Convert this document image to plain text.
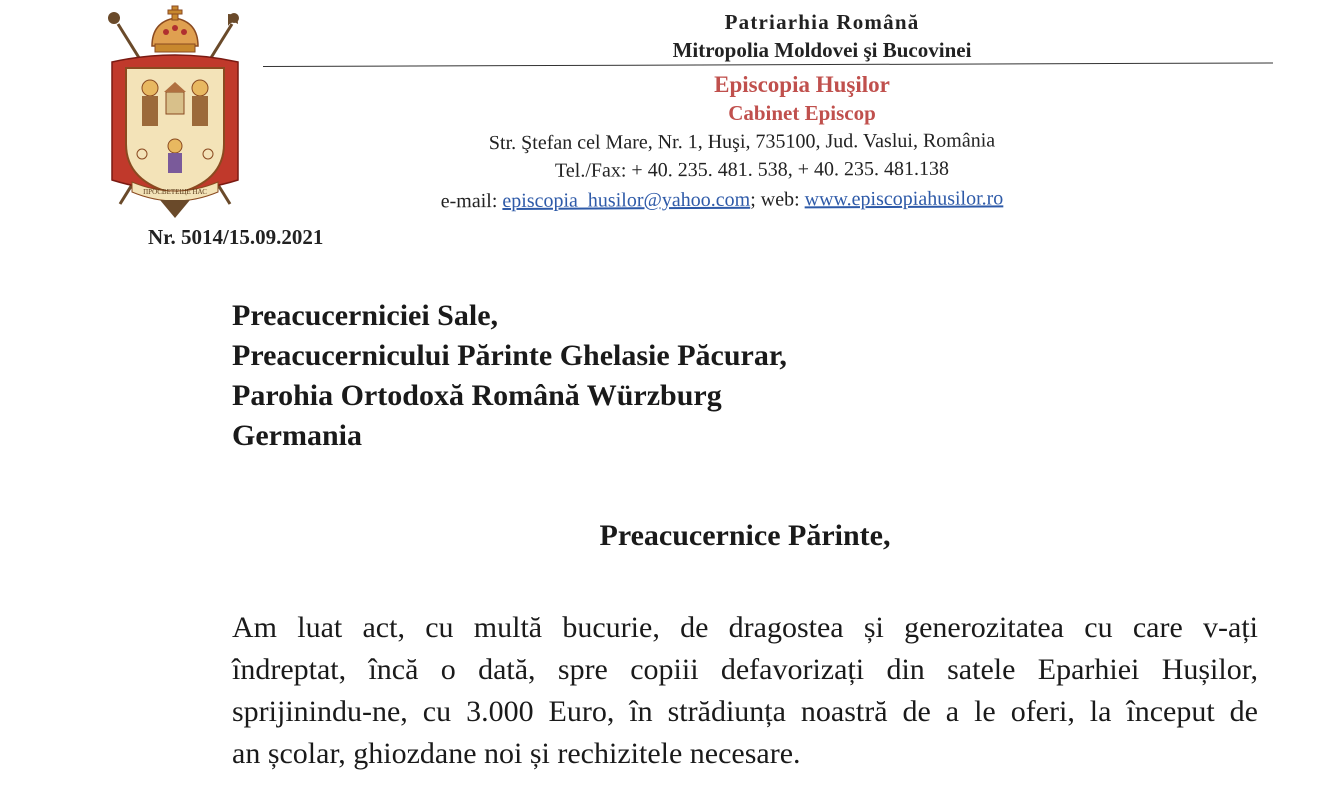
ПРОСВЕТЕЩЕ НАС
Patriarhia Română
Mitropolia Moldovei şi Bucovinei
Episcopia Huşilor
Cabinet Episcop
Str. Ştefan cel Mare, Nr. 1, Huşi, 735100, Jud. Vaslui, România
Tel./Fax: + 40. 235. 481. 538, + 40. 235. 481.138
e-mail: episcopia_husilor@yahoo.com; web: www.episcopiahusilor.ro
Nr. 5014/15.09.2021
Preacucerniciei Sale,
Preacucernicului Părinte Ghelasie Păcurar,
Parohia Ortodoxă Română Würzburg
Germania
Preacucernice Părinte,
Am luat act, cu multă bucurie, de dragostea și generozitatea cu care v-ați
îndreptat, încă o dată, spre copiii defavorizați din satele Eparhiei Hușilor,
sprijinindu-ne, cu 3.000 Euro, în strădiunța noastră de a le oferi, la început de
an școlar, ghiozdane noi și rechizitele necesare.
